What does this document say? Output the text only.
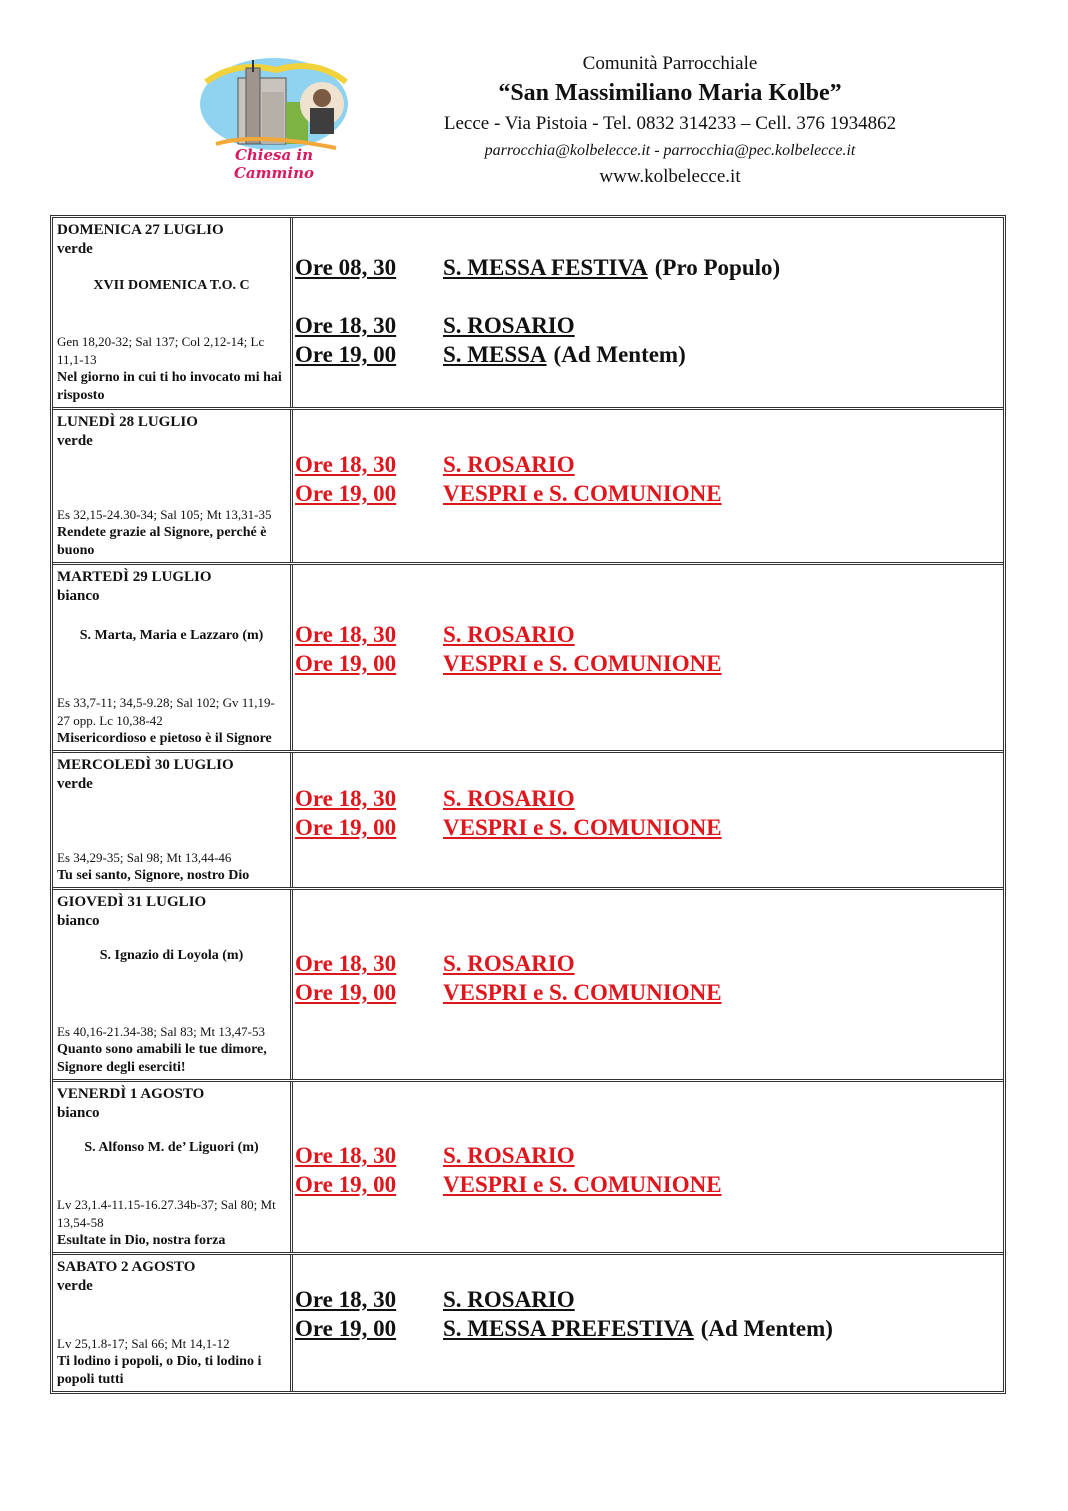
Chiesa in Cammino
Comunità Parrocchiale
“San Massimiliano Maria Kolbe”
Lecce - Via Pistoia - Tel. 0832 314233 – Cell. 376 1934862
parrocchia@kolbelecce.it - parrocchia@pec.kolbelecce.it
www.kolbelecce.it
DOMENICA 27 LUGLIO
verde
XVII DOMENICA T.O. C
Gen 18,20-32; Sal 137; Col 2,12-14; Lc 11,1-13
Nel giorno in cui ti ho invocato mi hai risposto
Ore 08, 30	S. MESSA FESTIVA (Pro Populo)
Ore 18, 30	S. ROSARIO
Ore 19, 00	S. MESSA (Ad Mentem)
LUNEDÌ 28 LUGLIO
verde
Es 32,15-24.30-34; Sal 105; Mt 13,31-35
Rendete grazie al Signore, perché è buono
Ore 18, 30	S. ROSARIO
Ore 19, 00	VESPRI e S. COMUNIONE
MARTEDÌ 29 LUGLIO
bianco
S. Marta, Maria e Lazzaro (m)
Es 33,7-11; 34,5-9.28; Sal 102; Gv 11,19-27 opp. Lc 10,38-42
Misericordioso e pietoso è il Signore
Ore 18, 30	S. ROSARIO
Ore 19, 00	VESPRI e S. COMUNIONE
MERCOLEDÌ 30 LUGLIO
verde
Es 34,29-35; Sal 98; Mt 13,44-46
Tu sei santo, Signore, nostro Dio
Ore 18, 30	S. ROSARIO
Ore 19, 00	VESPRI e S. COMUNIONE
GIOVEDÌ 31 LUGLIO
bianco
S. Ignazio di Loyola (m)
Es 40,16-21.34-38; Sal 83; Mt 13,47-53
Quanto sono amabili le tue dimore, Signore degli eserciti!
Ore 18, 30	S. ROSARIO
Ore 19, 00	VESPRI e S. COMUNIONE
VENERDÌ 1 AGOSTO
bianco
S. Alfonso M. de’ Liguori (m)
Lv 23,1.4-11.15-16.27.34b-37; Sal 80; Mt 13,54-58
Esultate in Dio, nostra forza
Ore 18, 30	S. ROSARIO
Ore 19, 00	VESPRI e S. COMUNIONE
SABATO 2 AGOSTO
verde
Lv 25,1.8-17; Sal 66; Mt 14,1-12
Ti lodino i popoli, o Dio, ti lodino i popoli tutti
Ore 18, 30	S. ROSARIO
Ore 19, 00	S. MESSA PREFESTIVA (Ad Mentem)
